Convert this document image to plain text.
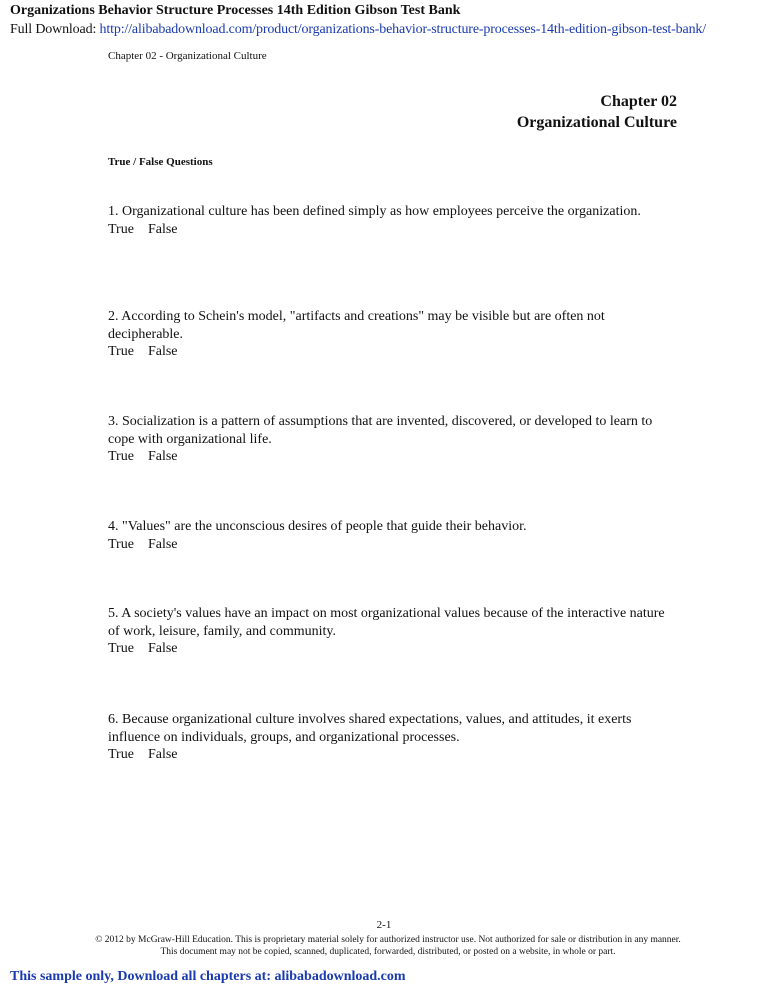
Organizations Behavior Structure Processes 14th Edition Gibson Test Bank
Full Download: http://alibabadownload.com/product/organizations-behavior-structure-processes-14th-edition-gibson-test-bank/
Chapter 02 - Organizational Culture
Chapter 02
Organizational Culture
True / False Questions
1. Organizational culture has been defined simply as how employees perceive the organization.
True False
2. According to Schein's model, "artifacts and creations" may be visible but are often not decipherable.
True False
3. Socialization is a pattern of assumptions that are invented, discovered, or developed to learn to cope with organizational life.
True False
4. "Values" are the unconscious desires of people that guide their behavior.
True False
5. A society's values have an impact on most organizational values because of the interactive nature of work, leisure, family, and community.
True False
6. Because organizational culture involves shared expectations, values, and attitudes, it exerts influence on individuals, groups, and organizational processes.
True False
2-1
© 2012 by McGraw-Hill Education. This is proprietary material solely for authorized instructor use. Not authorized for sale or distribution in any manner. This document may not be copied, scanned, duplicated, forwarded, distributed, or posted on a website, in whole or part.
This sample only, Download all chapters at: alibabadownload.com
